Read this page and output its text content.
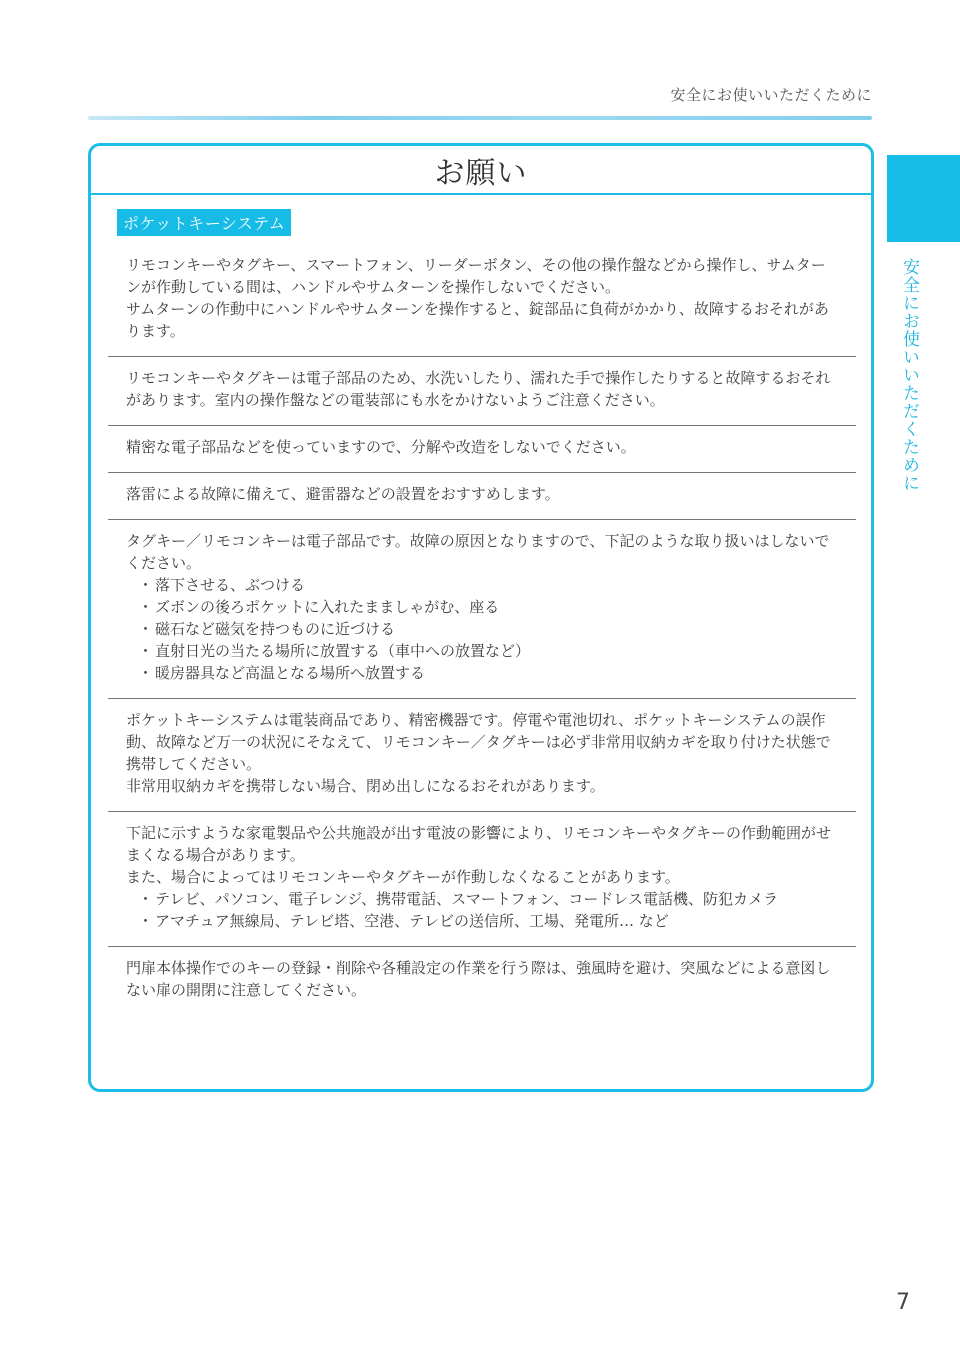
安全にお使いいただくために
安全にお使いいただくために
お願い
ポケットキーシステム

リモコンキーやタグキー、スマートフォン、リーダーボタン、その他の操作盤などから操作し、サムターンが作動している間は、ハンドルやサムターンを操作しないでください。

サムターンの作動中にハンドルやサムターンを操作すると、錠部品に負荷がかかり、故障するおそれがあります。

リモコンキーやタグキーは電子部品のため、水洗いしたり、濡れた手で操作したりすると故障するおそれがあります。室内の操作盤などの電装部にも水をかけないようご注意ください。

精密な電子部品などを使っていますので、分解や改造をしないでください。

落雷による故障に備えて、避雷器などの設置をおすすめします。

タグキー／リモコンキーは電子部品です。故障の原因となりますので、下記のような取り扱いはしないでください。

・ 落下させる、ぶつける
・ ズボンの後ろポケットに入れたまましゃがむ、座る
・ 磁石など磁気を持つものに近づける
・ 直射日光の当たる場所に放置する（車中への放置など）
・ 暖房器具など高温となる場所へ放置する

ポケットキーシステムは電装商品であり、精密機器です。停電や電池切れ、ポケットキーシステムの誤作動、故障など万一の状況にそなえて、リモコンキー／タグキーは必ず非常用収納カギを取り付けた状態で携帯してください。

非常用収納カギを携帯しない場合、閉め出しになるおそれがあります。

下記に示すような家電製品や公共施設が出す電波の影響により、リモコンキーやタグキーの作動範囲がせまくなる場合があります。

また、場合によってはリモコンキーやタグキーが作動しなくなることがあります。

・ テレビ、パソコン、電子レンジ、携帯電話、スマートフォン、コードレス電話機、防犯カメラ
・ アマチュア無線局、テレビ塔、空港、テレビの送信所、工場、発電所… など

門扉本体操作でのキーの登録・削除や各種設定の作業を行う際は、強風時を避け、突風などによる意図しない扉の開閉に注意してください。

7
